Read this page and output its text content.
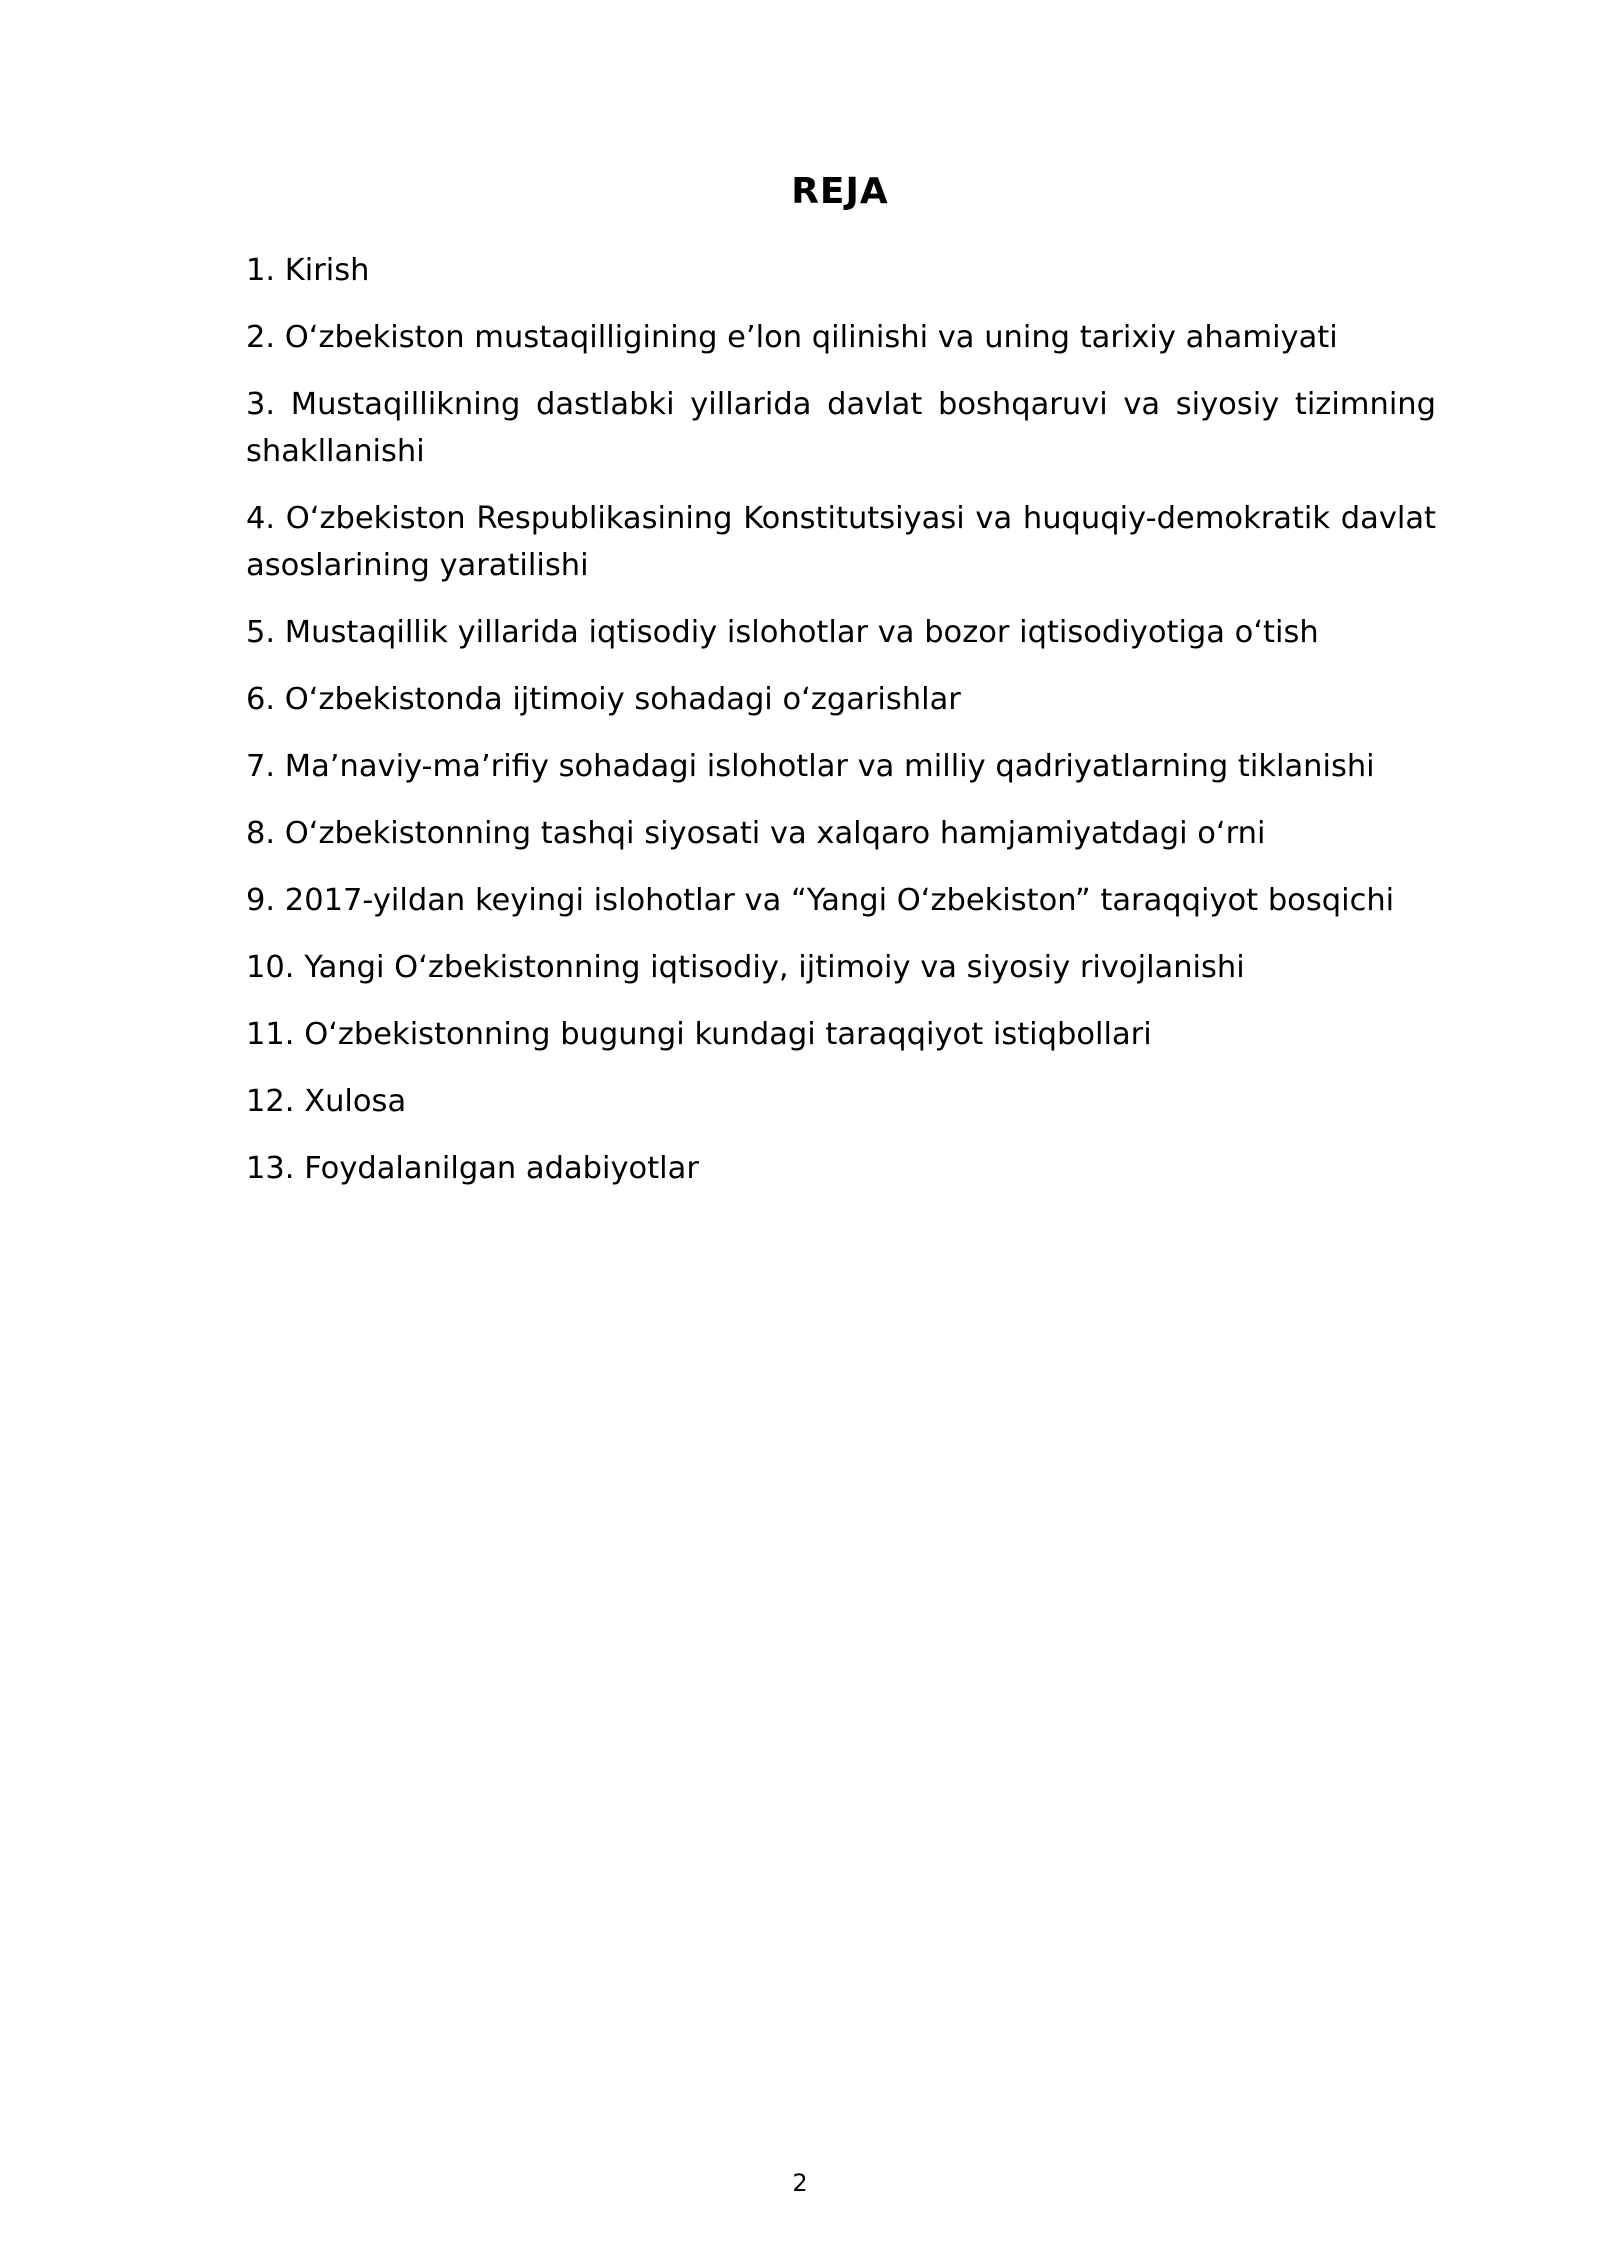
REJA
1. Kirish
2. O‘zbekiston mustaqilligining e’lon qilinishi va uning tarixiy ahamiyati
3. Mustaqillikning dastlabki yillarida davlat boshqaruvi va siyosiy tizimning shakllanishi
4. O‘zbekiston Respublikasining Konstitutsiyasi va huquqiy-demokratik davlat asoslarining yaratilishi
5. Mustaqillik yillarida iqtisodiy islohotlar va bozor iqtisodiyotiga o‘tish
6. O‘zbekistonda ijtimoiy sohadagi o‘zgarishlar
7. Ma’naviy-ma’rifiy sohadagi islohotlar va milliy qadriyatlarning tiklanishi
8. O‘zbekistonning tashqi siyosati va xalqaro hamjamiyatdagi o‘rni
9. 2017-yildan keyingi islohotlar va “Yangi O‘zbekiston” taraqqiyot bosqichi
10. Yangi O‘zbekistonning iqtisodiy, ijtimoiy va siyosiy rivojlanishi
11. O‘zbekistonning bugungi kundagi taraqqiyot istiqbollari
12. Xulosa
13. Foydalanilgan adabiyotlar
2
